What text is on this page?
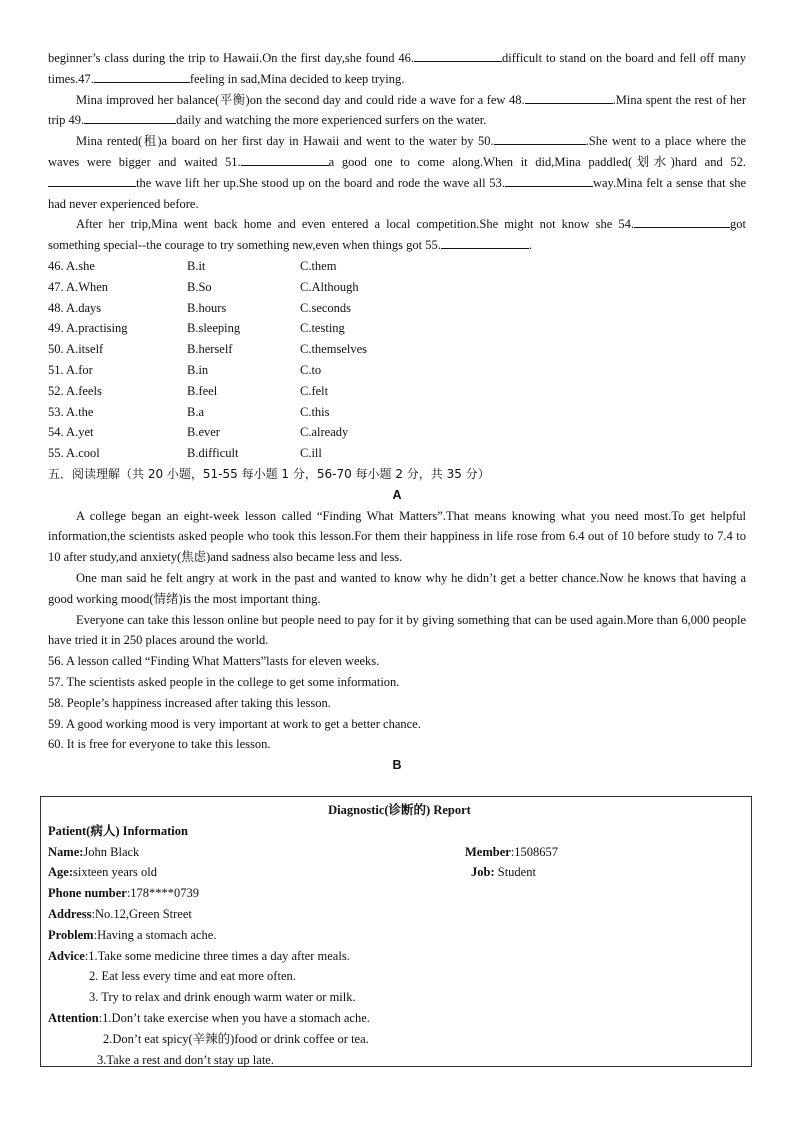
beginner’s class during the trip to Hawaii.On the first day,she found 46.	difficult to stand on the board and fell off many times.47.	feeling in sad,Mina decided to keep trying.

Mina improved her balance(平衡)on the second day and could ride a wave for a few 48.	.Mina spent the rest of her trip 49.	daily and watching the more experienced surfers on the water.

Mina rented(租)a board on her first day in Hawaii and went to the water by 50.	.She went to a place where the waves were bigger and waited 51.	a good one to come along.When it did,Mina paddled(划水)hard and 52.the wave lift her up.She stood up on the board and rode the wave all 53.	way.Mina felt a sense that she had never experienced before.

After her trip,Mina went back home and even entered a local competition.She might not know she 54.	got something special--the courage to try something new,even when things got 55.	.

46. A.she	B.it	C.them
47. A.When	B.So	C.Although
48. A.days	B.hours	C.seconds
49. A.practising	B.sleeping	C.testing
50. A.itself	B.herself	C.themselves
51. A.for	B.in	C.to
52. A.feels	B.feel	C.felt
53. A.the	B.a	C.this
54. A.yet	B.ever	C.already
55. A.cool	B.difficult	C.ill

五．阅读理解（共 20 小题，51-55 每小题 1 分，56-70 每小题 2 分，共 35 分）

A

A college began an eight-week lesson called “Finding What Matters”.That means knowing what you need most.To get helpful information,the scientists asked people who took this lesson.For them their happiness in life rose from 6.4 out of 10 before study to 7.4 to 10 after study,and anxiety(焦虑)and sadness also became less and less.

One man said he felt angry at work in the past and wanted to know why he didn’t get a better chance.Now he knows that having a good working mood(情绪)is the most important thing.

Everyone can take this lesson online but people need to pay for it by giving something that can be used again.More than 6,000 people have tried it in 250 places around the world.

56. A lesson called “Finding What Matters”lasts for eleven weeks.

57. The scientists asked people in the college to get some information.

58. People’s happiness increased after taking this lesson.

59. A good working mood is very important at work to get a better chance.

60. It is free for everyone to take this lesson.

B

Diagnostic(诊断的) Report

Patient(病人) Information

Name:John Black	Member:1508657
Age:sixteen years old	Job: Student

Phone number:178****0739

Address:No.12,Green Street

Problem:Having a stomach ache.

Advice:1.Take some medicine three times a day after meals.

2. Eat less every time and eat more often.

3. Try to relax and drink enough warm water or milk.

Attention:1.Don’t take exercise when you have a stomach ache.

2.Don’t eat spicy(辛辣的)food or drink coffee or tea.

3.Take a rest and don’t stay up late.
